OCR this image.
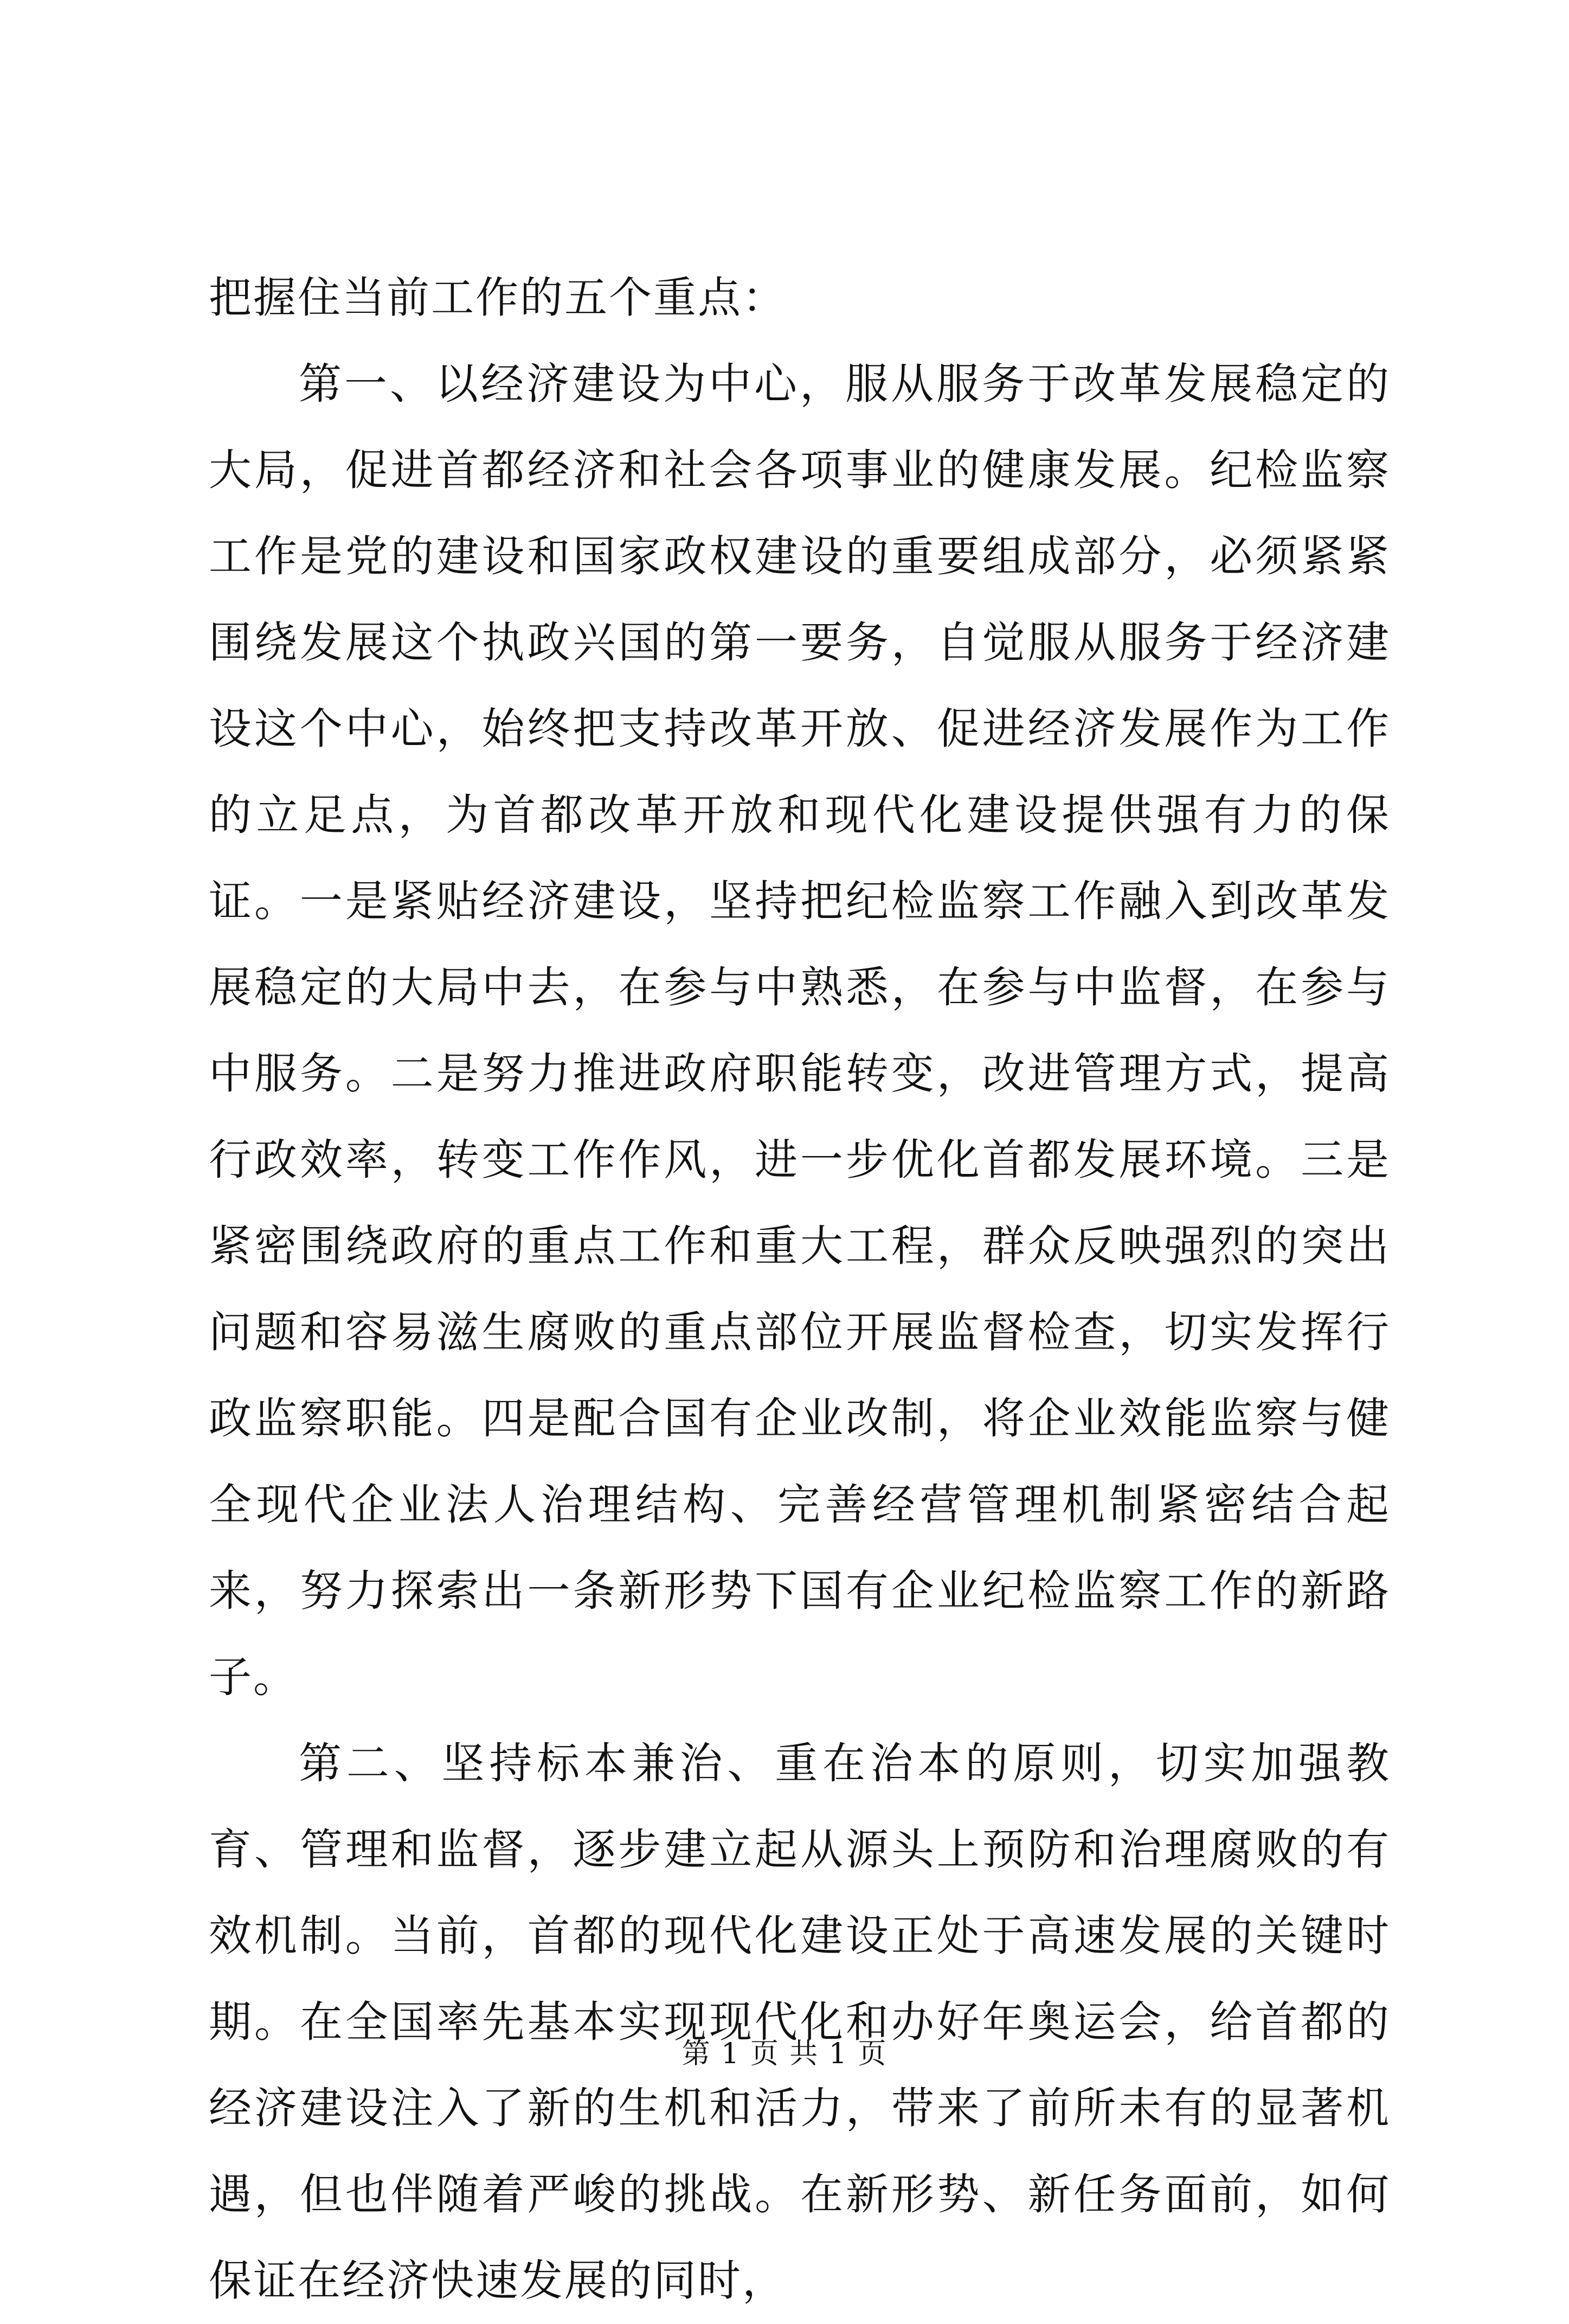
把握住当前工作的五个重点：

第一、以经济建设为中心，服从服务于改革发展稳定的大局，促进首都经济和社会各项事业的健康发展。纪检监察工作是党的建设和国家政权建设的重要组成部分，必须紧紧围绕发展这个执政兴国的第一要务，自觉服从服务于经济建设这个中心，始终把支持改革开放、促进经济发展作为工作的立足点，为首都改革开放和现代化建设提供强有力的保证。一是紧贴经济建设，坚持把纪检监察工作融入到改革发展稳定的大局中去，在参与中熟悉，在参与中监督，在参与中服务。二是努力推进政府职能转变，改进管理方式，提高行政效率，转变工作作风，进一步优化首都发展环境。三是紧密围绕政府的重点工作和重大工程，群众反映强烈的突出问题和容易滋生腐败的重点部位开展监督检查，切实发挥行政监察职能。四是配合国有企业改制，将企业效能监察与健全现代企业法人治理结构、完善经营管理机制紧密结合起来，努力探索出一条新形势下国有企业纪检监察工作的新路子。

第二、坚持标本兼治、重在治本的原则，切实加强教育、管理和监督，逐步建立起从源头上预防和治理腐败的有效机制。当前，首都的现代化建设正处于高速发展的关键时期。在全国率先基本实现现代化和办好年奥运会，给首都的经济建设注入了新的生机和活力，带来了前所未有的显著机遇，但也伴随着严峻的挑战。在新形势、新任务面前，如何保证在经济快速发展的同时，

第 1 页 共 1 页
